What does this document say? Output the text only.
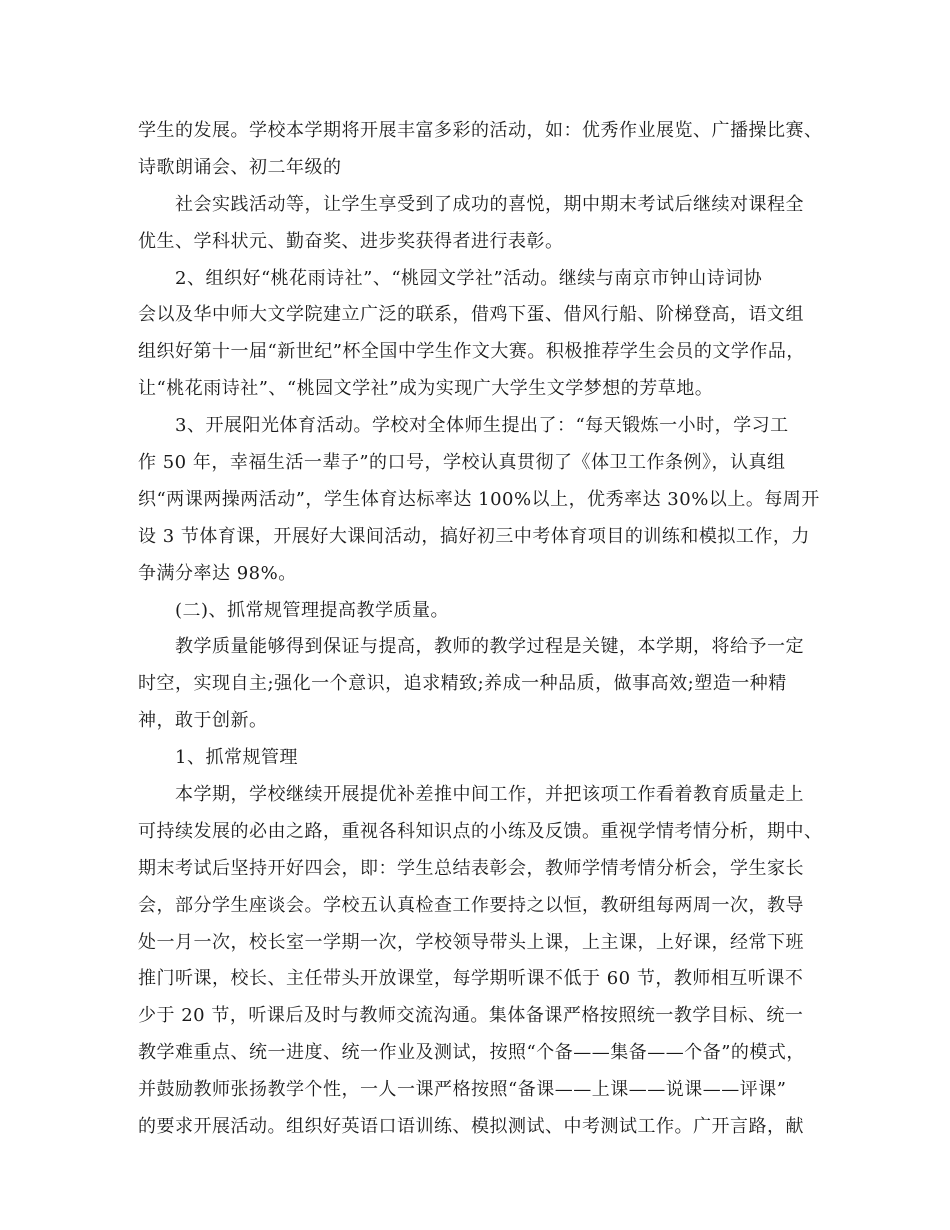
学生的发展。学校本学期将开展丰富多彩的活动，如：优秀作业展览、广播操比赛、
诗歌朗诵会、初二年级的
社会实践活动等，让学生享受到了成功的喜悦，期中期末考试后继续对课程全
优生、学科状元、勤奋奖、进步奖获得者进行表彰。
2、组织好“桃花雨诗社”、“桃园文学社”活动。继续与南京市钟山诗词协
会以及华中师大文学院建立广泛的联系，借鸡下蛋、借风行船、阶梯登高，语文组
组织好第十一届“新世纪”杯全国中学生作文大赛。积极推荐学生会员的文学作品，
让“桃花雨诗社”、“桃园文学社”成为实现广大学生文学梦想的芳草地。
3、开展阳光体育活动。学校对全体师生提出了：“每天锻炼一小时，学习工
作 50 年，幸福生活一辈子”的口号，学校认真贯彻了《体卫工作条例》，认真组
织“两课两操两活动”，学生体育达标率达 100%以上，优秀率达 30%以上。每周开
设 3 节体育课，开展好大课间活动，搞好初三中考体育项目的训练和模拟工作，力
争满分率达 98%。
(二)、抓常规管理提高教学质量。
教学质量能够得到保证与提高，教师的教学过程是关键，本学期，将给予一定
时空，实现自主;强化一个意识，追求精致;养成一种品质，做事高效;塑造一种精
神，敢于创新。
1、抓常规管理
本学期，学校继续开展提优补差推中间工作，并把该项工作看着教育质量走上
可持续发展的必由之路，重视各科知识点的小练及反馈。重视学情考情分析，期中、
期末考试后坚持开好四会，即：学生总结表彰会，教师学情考情分析会，学生家长
会，部分学生座谈会。学校五认真检查工作要持之以恒，教研组每两周一次，教导
处一月一次，校长室一学期一次，学校领导带头上课，上主课，上好课，经常下班
推门听课，校长、主任带头开放课堂，每学期听课不低于 60 节，教师相互听课不
少于 20 节，听课后及时与教师交流沟通。集体备课严格按照统一教学目标、统一
教学难重点、统一进度、统一作业及测试，按照“个备——集备——个备”的模式，
并鼓励教师张扬教学个性，一人一课严格按照“备课——上课——说课——评课”
的要求开展活动。组织好英语口语训练、模拟测试、中考测试工作。广开言路，献
